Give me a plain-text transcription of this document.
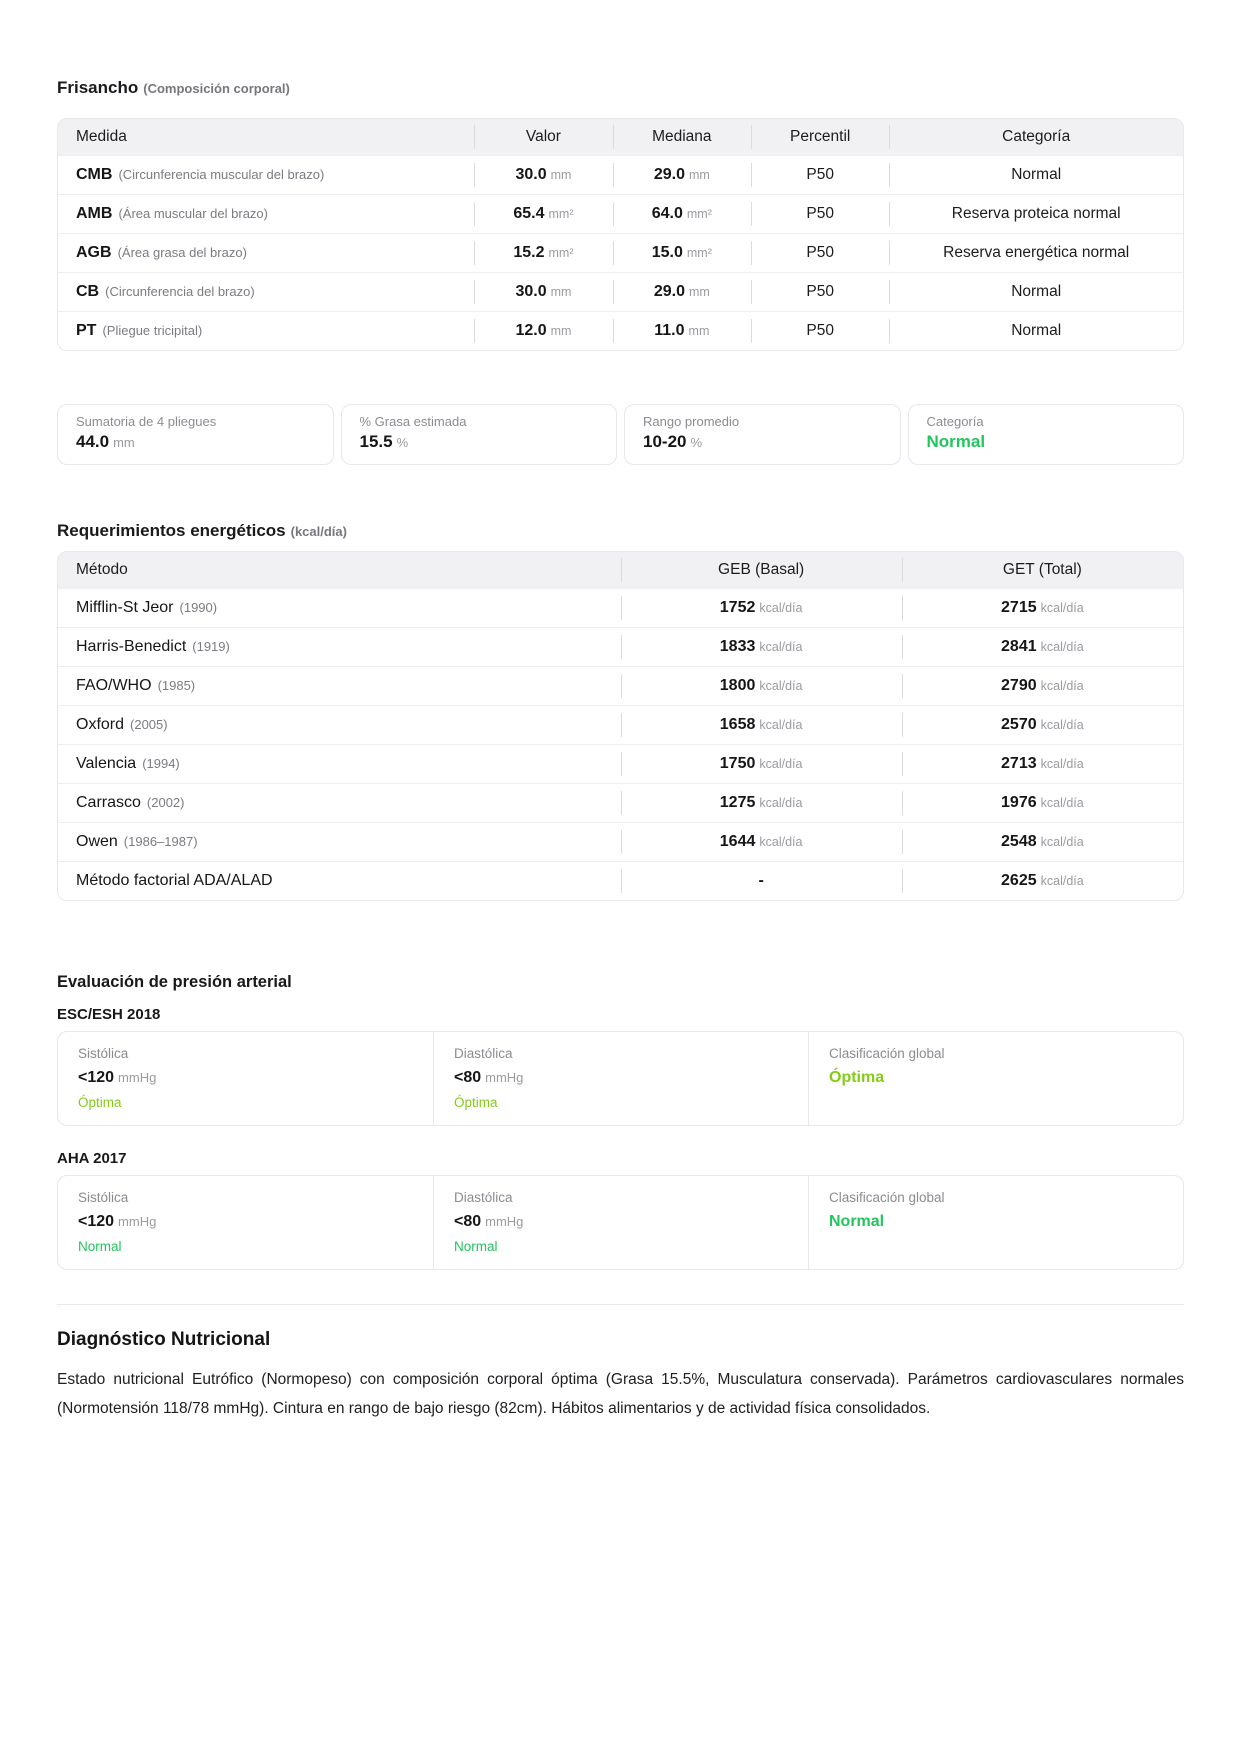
Frisancho (Composición corporal)
Medida	Valor	Mediana	Percentil	Categoría
CMB (Circunferencia muscular del brazo)	30.0 mm	29.0 mm	P50	Normal
AMB (Área muscular del brazo)	65.4 mm²	64.0 mm²	P50	Reserva proteica normal
AGB (Área grasa del brazo)	15.2 mm²	15.0 mm²	P50	Reserva energética normal
CB (Circunferencia del brazo)	30.0 mm	29.0 mm	P50	Normal
PT (Pliegue tricipital)	12.0 mm	11.0 mm	P50	Normal
Sumatoria de 4 pliegues
44.0 mm
% Grasa estimada
15.5 %
Rango promedio
10-20 %
Categoría
Normal
Requerimientos energéticos (kcal/día)
Método	GEB (Basal)	GET (Total)
Mifflin-St Jeor (1990)	1752 kcal/día	2715 kcal/día
Harris-Benedict (1919)	1833 kcal/día	2841 kcal/día
FAO/WHO (1985)	1800 kcal/día	2790 kcal/día
Oxford (2005)	1658 kcal/día	2570 kcal/día
Valencia (1994)	1750 kcal/día	2713 kcal/día
Carrasco (2002)	1275 kcal/día	1976 kcal/día
Owen (1986–1987)	1644 kcal/día	2548 kcal/día
Método factorial ADA/ALAD	-	2625 kcal/día
Evaluación de presión arterial
ESC/ESH 2018
Sistólica
<120 mmHg
Óptima
Diastólica
<80 mmHg
Óptima
Clasificación global
Óptima
AHA 2017
Sistólica
<120 mmHg
Normal
Diastólica
<80 mmHg
Normal
Clasificación global
Normal
Diagnóstico Nutricional

Estado nutricional Eutrófico (Normopeso) con composición corporal óptima (Grasa 15.5%, Musculatura conservada). Parámetros cardiovasculares normales (Normotensión 118/78 mmHg). Cintura en rango de bajo riesgo (82cm). Hábitos alimentarios y de actividad física consolidados.
